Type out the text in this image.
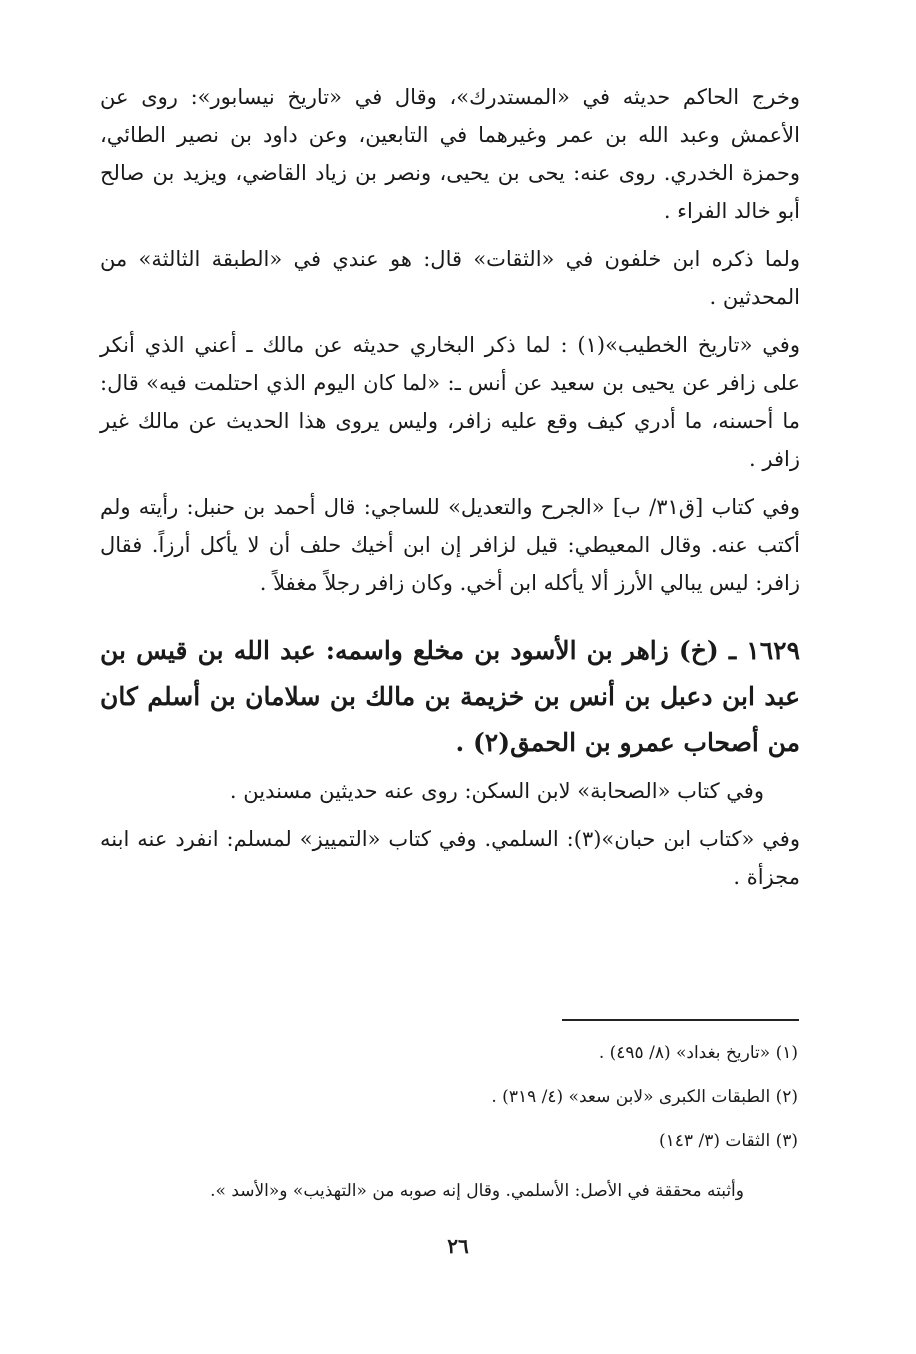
وخرج الحاكم حديثه في «المستدرك»، وقال في «تاريخ نيسابور»: روى عن الأعمش وعبد الله بن عمر وغيرهما في التابعين، وعن داود بن نصير الطائي، وحمزة الخدري. روى عنه: يحى بن يحيى، ونصر بن زياد القاضي، ويزيد بن صالح أبو خالد الفراء .

ولما ذكره ابن خلفون في «الثقات» قال: هو عندي في «الطبقة الثالثة» من المحدثين .

وفي «تاريخ الخطيب»(١) : لما ذكر البخاري حديثه عن مالك ـ أعني الذي أنكر على زافر عن يحيى بن سعيد عن أنس ـ: «لما كان اليوم الذي احتلمت فيه» قال: ما أحسنه، ما أدري كيف وقع عليه زافر، وليس يروى هذا الحديث عن مالك غير زافر .

وفي كتاب [ق٣١/ ب] «الجرح والتعديل» للساجي: قال أحمد بن حنبل: رأيته ولم أكتب عنه. وقال المعيطي: قيل لزافر إن ابن أخيك حلف أن لا يأكل أرزاً. فقال زافر: ليس يبالي الأرز ألا يأكله ابن أخي. وكان زافر رجلاً مغفلاً .

١٦٢٩ ـ (خ) زاهر بن الأسود بن مخلع واسمه: عبد الله بن قيس بن عبد ابن دعبل بن أنس بن خزيمة بن مالك بن سلامان بن أسلم كان من أصحاب عمرو بن الحمق(٢) .

وفي كتاب «الصحابة» لابن السكن: روى عنه حديثين مسندين .

وفي «كتاب ابن حبان»(٣): السلمي. وفي كتاب «التمييز» لمسلم: انفرد عنه ابنه مجزأة .

(١) «تاريخ بغداد» (٨/ ٤٩٥) .

(٢) الطبقات الكبرى «لابن سعد» (٤/ ٣١٩) .

(٣) الثقات (٣/ ١٤٣)

وأثبته محققة في الأصل: الأسلمي. وقال إنه صوبه من «التهذيب» و«الأسد ».

٢٦
